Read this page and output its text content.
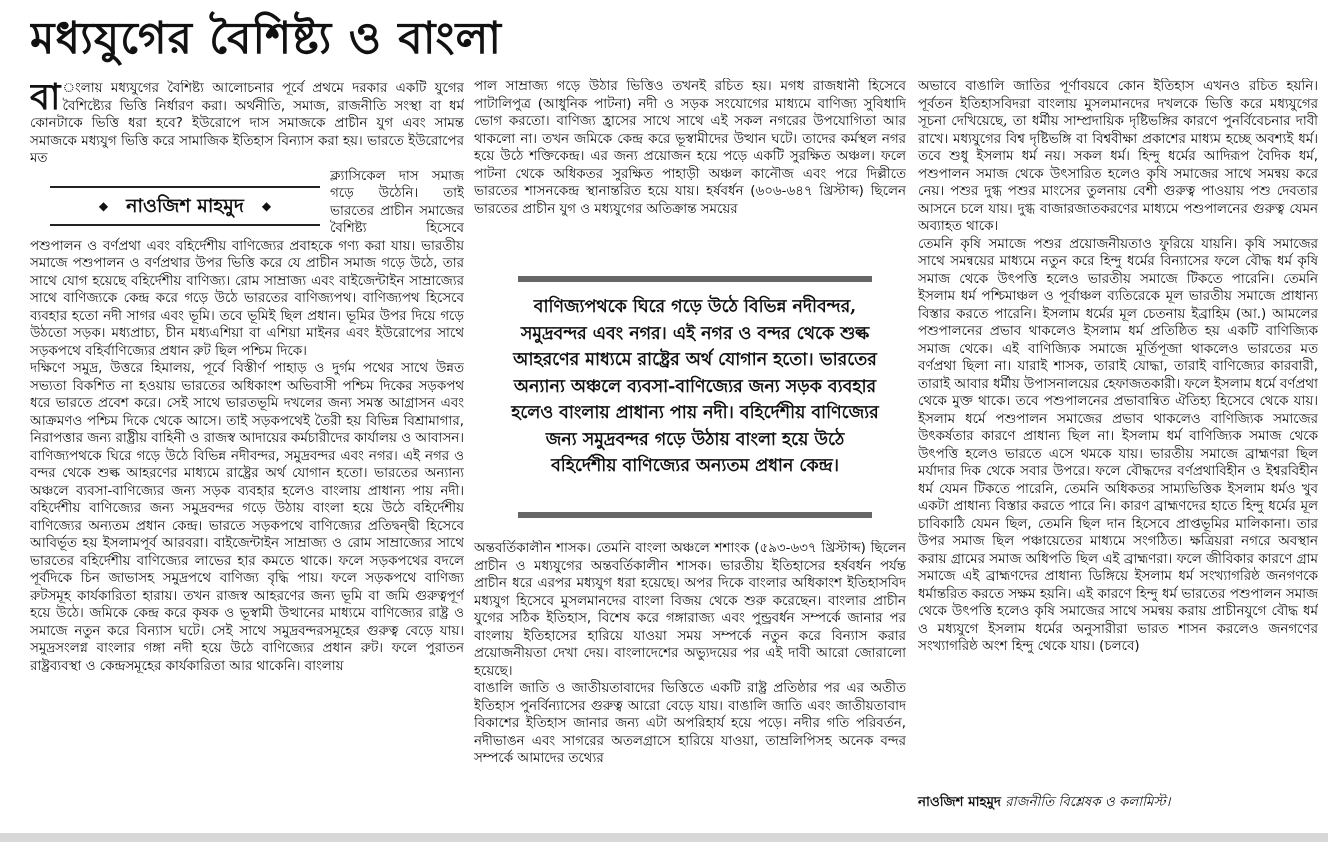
মধ্যযুগের বৈশিষ্ট্য ও বাংলা

বা ংলায় মধ্যযুগের বৈশিষ্ট্য আলোচনার পূর্বে প্রথমে দরকার একটি যুগের বৈশিষ্ট্যের ভিত্তি নির্ধারণ করা। অর্থনীতি, সমাজ, রাজনীতি সংস্থা বা ধর্ম কোনটাকে ভিত্তি ধরা হবে? ইউরোপে দাস সমাজকে প্রাচীন যুগ এবং সামন্ত সমাজকে মধ্যযুগ ভিত্তি করে সামাজিক ইতিহাস বিন্যাস করা হয়। ভারতে ইউরোপের মত

◆ নাওজিশ মাহমুদ ◆

ক্ল্যাসিকেল দাস সমাজ গড়ে উঠেনি। তাই ভারতের প্রাচীন সমাজের বৈশিষ্ট্য হিসেবে পশুপালন ও বর্ণপ্রথা এবং বহির্দেশীয় বাণিজ্যের প্রবাহকে গণ্য করা যায়। ভারতীয় সমাজে পশুপালন ও বর্ণপ্রথার উপর ভিত্তি করে যে প্রাচীন সমাজ গড়ে উঠে, তার সাথে যোগ হয়েছে বহির্দেশীয় বাণিজ্য। রোম সাম্রাজ্য এবং বাইজেন্টাইন সাম্রাজ্যের সাথে বাণিজ্যকে কেন্দ্র করে গড়ে উঠে ভারতের বাণিজ্যপথ। বাণিজ্যপথ হিসেবে ব্যবহার হতো নদী সাগর এবং ভূমি। তবে ভূমিই ছিল প্রধান। ভূমির উপর দিয়ে গড়ে উঠতো সড়ক। মধ্যপ্রাচ্য, চীন মধ্যএশিয়া বা এশিয়া মাইনর এবং ইউরোপের সাথে সড়কপথে বহির্বাণিজ্যের প্রধান রুট ছিল পশ্চিম দিকে।

দক্ষিণে সমুদ্র, উত্তরে হিমালয়, পূর্বে বিস্তীর্ণ পাহাড় ও দুর্গম পথের সাথে উন্নত সভ্যতা বিকশিত না হওয়ায় ভারতের অধিকাংশ অভিবাসী পশ্চিম দিকের সড়কপথ ধরে ভারতে প্রবেশ করে। সেই সাথে ভারতভূমি দখলের জন্য সমস্ত আগ্রাসন এবং আক্রমণও পশ্চিম দিকে থেকে আসে। তাই সড়কপথেই তৈরী হয় বিভিন্ন বিশ্রামাগার, নিরাপত্তার জন্য রাষ্ট্রীয় বাহিনী ও রাজস্ব আদায়ের কর্মচারীদের কার্যালয় ও আবাসন। বাণিজ্যপথকে ঘিরে গড়ে উঠে বিভিন্ন নদীবন্দর, সমুদ্রবন্দর এবং নগর। এই নগর ও বন্দর থেকে শুল্ক আহরণের মাধ্যমে রাষ্ট্রের অর্থ যোগান হতো। ভারতের অন্যান্য অঞ্চলে ব্যবসা-বাণিজ্যের জন্য সড়ক ব্যবহার হলেও বাংলায় প্রাধান্য পায় নদী। বহির্দেশীয় বাণিজ্যের জন্য সমুদ্রবন্দর গড়ে উঠায় বাংলা হয়ে উঠে বহির্দেশীয় বাণিজ্যের অন্যতম প্রধান কেন্দ্র। ভারতে সড়কপথে বাণিজ্যের প্রতিদ্বন্দ্বী হিসেবে আবির্ভূত হয় ইসলামপূর্ব আরবরা। বাইজেন্টাইন সাম্রাজ্য ও রোম সাম্রাজ্যের সাথে ভারতের বহির্দেশীয় বাণিজ্যের লাভের হার কমতে থাকে। ফলে সড়কপথের বদলে পূর্বদিকে চিন জাভাসহ সমুদ্রপথে বাণিজ্য বৃদ্ধি পায়। ফলে সড়কপথে বাণিজ্য রুটসমূহ কার্যকারিতা হারায়। তখন রাজস্ব আহরণের জন্য ভূমি বা জমি গুরুত্বপূর্ণ হয়ে উঠে। জমিকে কেন্দ্র করে কৃষক ও ভূস্বামী উত্থানের মাধ্যমে বাণিজ্যের রাষ্ট্র ও সমাজে নতুন করে বিন্যাস ঘটে। সেই সাথে সমুদ্রবন্দরসমূহের গুরুত্ব বেড়ে যায়। সমুদ্রসংলগ্ন বাংলার গঙ্গা নদী হয়ে উঠে বাণিজ্যের প্রধান রুট। ফলে পুরাতন রাষ্ট্রব্যবস্থা ও কেন্দ্রসমূহের কার্যকারিতা আর থাকেনি। বাংলায়

পাল সাম্রাজ্য গড়ে উঠার ভিত্তিও তখনই রচিত হয়। মগধ রাজধানী হিসেবে পাটালিপুত্র (আধুনিক পাটনা) নদী ও সড়ক সংযোগের মাধ্যমে বাণিজ্য সুবিধাদি ভোগ করতো। বাণিজ্য হ্রাসের সাথে সাথে এই সকল নগরের উপযোগিতা আর থাকলো না। তখন জমিকে কেন্দ্র করে ভূস্বামীদের উত্থান ঘটে। তাদের কর্মস্থল নগর হয়ে উঠে শক্তিকেন্দ্র। এর জন্য প্রয়োজন হয়ে পড়ে একটি সুরক্ষিত অঞ্চল। ফলে পাটনা থেকে অধিকতর সুরক্ষিত পাহাড়ী অঞ্চল কানৌজ এবং পরে দিল্লীতে ভারতের শাসনকেন্দ্র স্থানান্তরিত হয়ে যায়। হর্ষবর্ধন (৬০৬-৬৪৭ খ্রিস্টাব্দ) ছিলেন ভারতের প্রাচীন যুগ ও মধ্যযুগের অতিক্রান্ত সময়ের

বাণিজ্যপথকে ঘিরে গড়ে উঠে বিভিন্ন নদীবন্দর, সমুদ্রবন্দর এবং নগর। এই নগর ও বন্দর থেকে শুল্ক আহরণের মাধ্যমে রাষ্ট্রের অর্থ যোগান হতো। ভারতের অন্যান্য অঞ্চলে ব্যবসা-বাণিজ্যের জন্য সড়ক ব্যবহার হলেও বাংলায় প্রাধান্য পায় নদী। বহির্দেশীয় বাণিজ্যের জন্য সমুদ্রবন্দর গড়ে উঠায় বাংলা হয়ে উঠে বহির্দেশীয় বাণিজ্যের অন্যতম প্রধান কেন্দ্র।

অন্তবর্তিকালীন শাসক। তেমনি বাংলা অঞ্চলে শশাংক (৫৯৩-৬৩৭ খ্রিস্টাব্দ) ছিলেন প্রাচীন ও মধ্যযুগের অন্তবর্তিকালীন শাসক। ভারতীয় ইতিহাসের হর্ষবর্ধন পর্যন্ত প্রাচীন ধরে এরপর মধ্যযুগ ধরা হয়েছে। অপর দিকে বাংলার অধিকাংশ ইতিহাসবিদ মধ্যযুগ হিসেবে মুসলমানদের বাংলা বিজয় থেকে শুরু করেছেন। বাংলার প্রাচীন যুগের সঠিক ইতিহাস, বিশেষ করে গঙ্গারাজ্য এবং পুন্ড্রবর্ধন সম্পর্কে জানার পর বাংলায় ইতিহাসের হারিয়ে যাওয়া সময় সম্পর্কে নতুন করে বিন্যাস করার প্রয়োজনীয়তা দেখা দেয়। বাংলাদেশের অভ্যুদয়ের পর এই দাবী আরো জোরালো হয়েছে।

বাঙালি জাতি ও জাতীয়তাবাদের ভিত্তিতে একটি রাষ্ট্র প্রতিষ্ঠার পর এর অতীত ইতিহাস পুনর্বিন্যাসের গুরুত্ব আরো বেড়ে যায়। বাঙালি জাতি এবং জাতীয়তাবাদ বিকাশের ইতিহাস জানার জন্য এটা অপরিহার্য হয়ে পড়ে। নদীর গতি পরিবর্তন, নদীভাঙন এবং সাগরের অতলগ্রাসে হারিয়ে যাওয়া, তাম্রলিপিসহ অনেক বন্দর সম্পর্কে আমাদের তথ্যের

অভাবে বাঙালি জাতির পূর্ণাবয়বে কোন ইতিহাস এখনও রচিত হয়নি। পূর্বতন ইতিহাসবিদরা বাংলায় মুসলমানদের দখলকে ভিত্তি করে মধ্যযুগের সূচনা দেখিয়েছে, তা ধর্মীয় সাম্প্রদায়িক দৃষ্টিভঙ্গির কারণে পুনর্বিবেচনার দাবী রাখে। মধ্যযুগের বিশ্ব দৃষ্টিভঙ্গি বা বিশ্ববীক্ষা প্রকাশের মাধ্যম হচ্ছে অবশ্যই ধর্ম। তবে শুধু ইসলাম ধর্ম নয়। সকল ধর্ম। হিন্দু ধর্মের আদিরূপ বৈদিক ধর্ম, পশুপালন সমাজ থেকে উৎসারিত হলেও কৃষি সমাজের সাথে সমন্বয় করে নেয়। পশুর দুগ্ধ পশুর মাংসের তুলনায় বেশী গুরুত্ব পাওয়ায় পশু দেবতার আসনে চলে যায়। দুগ্ধ বাজারজাতকরণের মাধ্যমে পশুপালনের গুরুত্ব যেমন অব্যাহত থাকে।

তেমনি কৃষি সমাজে পশুর প্রয়োজনীয়তাও ফুরিয়ে যায়নি। কৃষি সমাজের সাথে সমন্বয়ের মাধ্যমে নতুন করে হিন্দু ধর্মের বিন্যাসের ফলে বৌদ্ধ ধর্ম কৃষি সমাজ থেকে উৎপত্তি হলেও ভারতীয় সমাজে টিকতে পারেনি। তেমনি ইসলাম ধর্ম পশ্চিমাঞ্চল ও পূর্বাঞ্চল ব্যতিরেকে মূল ভারতীয় সমাজে প্রাধান্য বিস্তার করতে পারেনি। ইসলাম ধর্মের মূল চেতনায় ইব্রাহিম (আ.) আমলের পশুপালনের প্রভাব থাকলেও ইসলাম ধর্ম প্রতিষ্ঠিত হয় একটি বাণিজ্যিক সমাজ থেকে। এই বাণিজ্যিক সমাজে মূর্তিপূজা থাকলেও ভারতের মত বর্ণপ্রথা ছিলা না। যারাই শাসক, তারাই যোদ্ধা, তারাই বাণিজ্যের কারবারী, তারাই আবার ধর্মীয় উপাসনালয়ের হেফাজতকারী। ফলে ইসলাম ধর্মে বর্ণপ্রথা থেকে মুক্ত থাকে। তবে পশুপালনের প্রভাবান্বিত ঐতিহ্য হিসেবে থেকে যায়। ইসলাম ধর্মে পশুপালন সমাজের প্রভাব থাকলেও বাণিজ্যিক সমাজের উৎকর্ষতার কারণে প্রাধান্য ছিল না। ইসলাম ধর্ম বাণিজ্যিক সমাজ থেকে উৎপত্তি হলেও ভারতে এসে থমকে যায়। ভারতীয় সমাজে ব্রাহ্মণরা ছিল মর্যাদার দিক থেকে সবার উপরে। ফলে বৌদ্ধদের বর্ণপ্রথাবিহীন ও ইশ্বরবিহীন ধর্ম যেমন টিকতে পারেনি, তেমনি অধিকতর সাম্যভিত্তিক ইসলাম ধর্মও খুব একটা প্রাধান্য বিস্তার করতে পারে নি। কারণ ব্রাহ্মণদের হাতে হিন্দু ধর্মের মূল চাবিকাঠি যেমন ছিল, তেমনি ছিল দান হিসেবে প্রাপ্তভূমির মালিকানা। তার উপর সমাজ ছিল পঞ্চায়েতের মাধ্যমে সংগঠিত। ক্ষত্রিয়রা নগরে অবস্থান করায় গ্রামের সমাজ অধিপতি ছিল এই ব্রাহ্মণরা। ফলে জীবিকার কারণে গ্রাম সমাজে এই ব্রাহ্মণদের প্রাধান্য ডিঙ্গিয়ে ইসলাম ধর্ম সংখ্যাগরিষ্ঠ জনগণকে ধর্মান্তরিত করতে সক্ষম হয়নি। এই কারণে হিন্দু ধর্ম ভারতের পশুপালন সমাজ থেকে উৎপত্তি হলেও কৃষি সমাজের সাথে সমন্বয় করায় প্রাচীনযুগে বৌদ্ধ ধর্ম ও মধ্যযুগে ইসলাম ধর্মের অনুসারীরা ভারত শাসন করলেও জনগণের সংখ্যাগরিষ্ঠ অংশ হিন্দু থেকে যায়। (চলবে)

নাওজিশ মাহমুদ রাজনীতি বিশ্লেষক ও কলামিস্ট।
